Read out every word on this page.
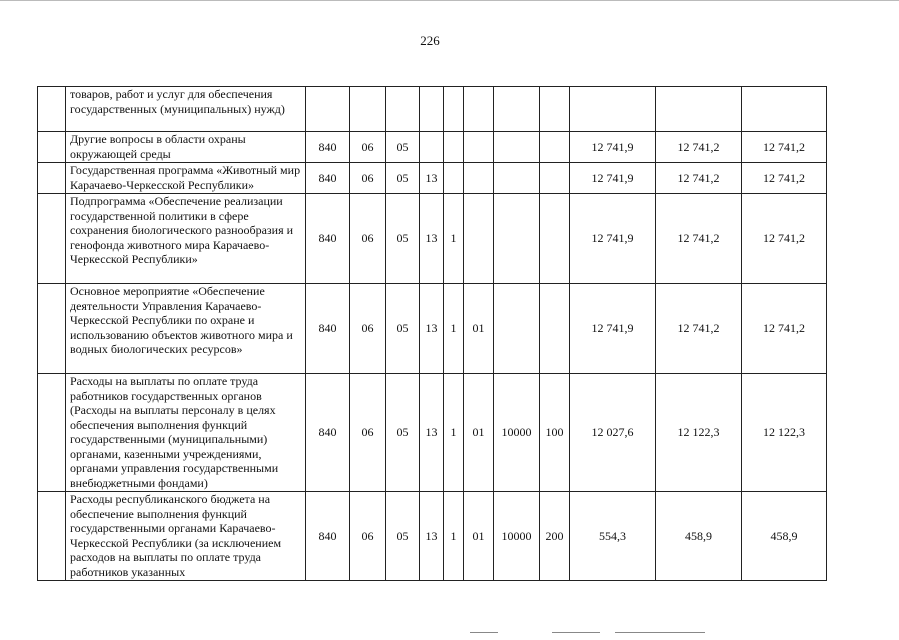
226
	товаров, работ и услуг для обеспечения государственных (муниципальных) нужд)											
	Другие вопросы в области охраны окружающей среды	840	06	05						12 741,9	12 741,2	12 741,2
	Государственная программа «Животный мир Карачаево-Черкесской Республики»	840	06	05	13					12 741,9	12 741,2	12 741,2
	Подпрограмма «Обеспечение реализации государственной политики в сфере сохранения биологического разнообразия и генофонда животного мира Карачаево-Черкесской Республики»	840	06	05	13	1				12 741,9	12 741,2	12 741,2
	Основное мероприятие «Обеспечение деятельности Управления Карачаево-Черкесской Республики по охране и использованию объектов животного мира и водных биологических ресурсов»	840	06	05	13	1	01			12 741,9	12 741,2	12 741,2
	Расходы на выплаты по оплате труда работников государственных органов (Расходы на выплаты персоналу в целях обеспечения выполнения функций государственными (муниципальными) органами, казенными учреждениями, органами управления государственными внебюджетными фондами)	840	06	05	13	1	01	10000	100	12 027,6	12 122,3	12 122,3
	Расходы республиканского бюджета на обеспечение выполнения функций государственными органами Карачаево-Черкесской Республики (за исключением расходов на выплаты по оплате труда работников указанных	840	06	05	13	1	01	10000	200	554,3	458,9	458,9
